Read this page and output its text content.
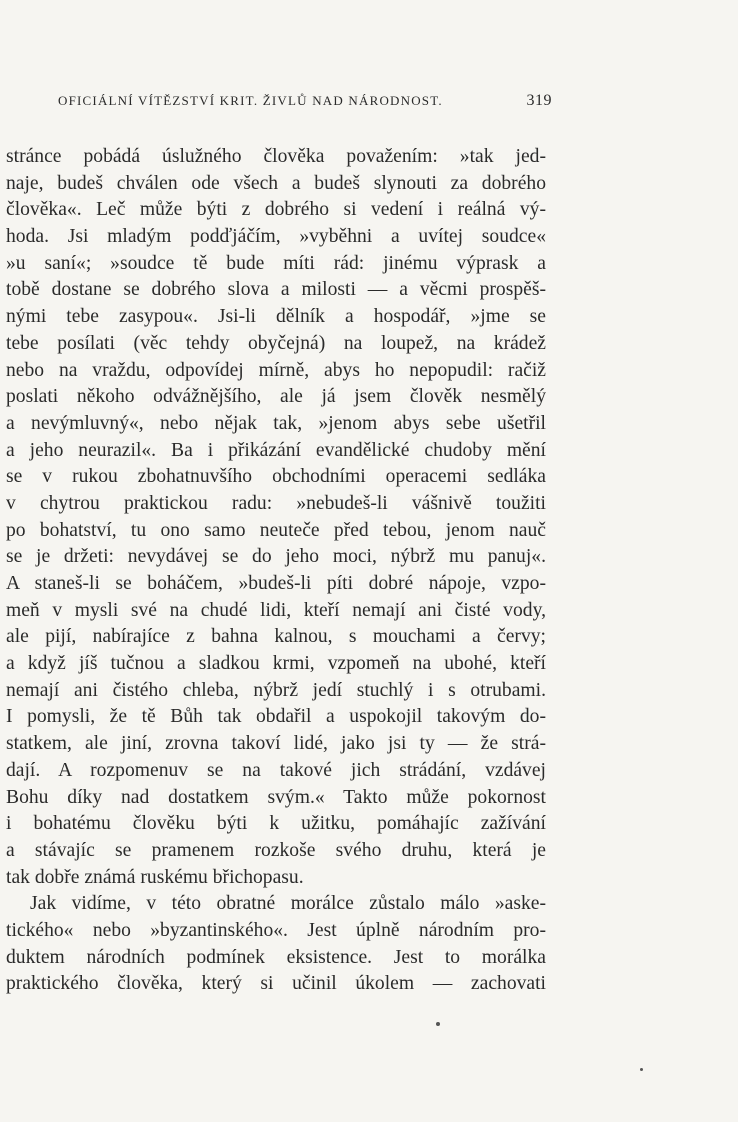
OFICIÁLNÍ VÍTĚZSTVÍ KRIT. ŽIVLŮ NAD NÁRODNOST.	319
stránce pobádá úslužného člověka považením: »tak jed-
naje, budeš chválen ode všech a budeš slynouti za dobrého
člověka«. Leč může býti z dobrého si vedení i reálná vý-
hoda. Jsi mladým podďjáčím, »vyběhni a uvítej soudce«
»u saní«; »soudce tě bude míti rád: jinému výprask a
tobě dostane se dobrého slova a milosti — a věcmi prospěš-
nými tebe zasypou«. Jsi-li dělník a hospodář, »jme se
tebe posílati (věc tehdy obyčejná) na loupež, na krádež
nebo na vraždu, odpovídej mírně, abys ho nepopudil: račiž
poslati někoho odvážnějšího, ale já jsem člověk nesmělý
a nevýmluvný«, nebo nějak tak, »jenom abys sebe ušetřil
a jeho neurazil«. Ba i přikázání evandělické chudoby mění
se v rukou zbohatnuvšího obchodními operacemi sedláka
v chytrou praktickou radu: »nebudeš-li vášnivě toužiti
po bohatství, tu ono samo neutečе před tebou, jenom nauč
se je držeti: nevydávej se do jeho moci, nýbrž mu panuj«.
A staneš-li se boháčem, »budeš-li píti dobré nápoje, vzpo-
meň v mysli své na chudé lidi, kteří nemají ani čisté vody,
ale pijí, nabírajíce z bahna kalnou, s mouchami a červy;
a když jíš tučnou a sladkou krmi, vzpomeň na ubohé, kteří
nemají ani čistého chleba, nýbrž jedí stuchlý i s otrubami.
I pomysli, že tě Bůh tak obdařil a uspokojil takovým do-
statkem, ale jiní, zrovna takoví lidé, jako jsi ty — že strá-
dají. A rozpomenuv se na takové jich strádání, vzdávej
Bohu díky nad dostatkem svým.« Takto může pokornost
i bohatému člověku býti k užitku, pomáhajíc zažívání
a stávajíc se pramenem rozkoše svého druhu, která je
tak dobře známá ruskému břichopasu.
Jak vidíme, v této obratné morálce zůstalo málo »aske-
tického« nebo »byzantinského«. Jest úplně národním pro-
duktem národních podmínek eksistence. Jest to morálka
praktického člověka, který si učinil úkolem — zachovati
